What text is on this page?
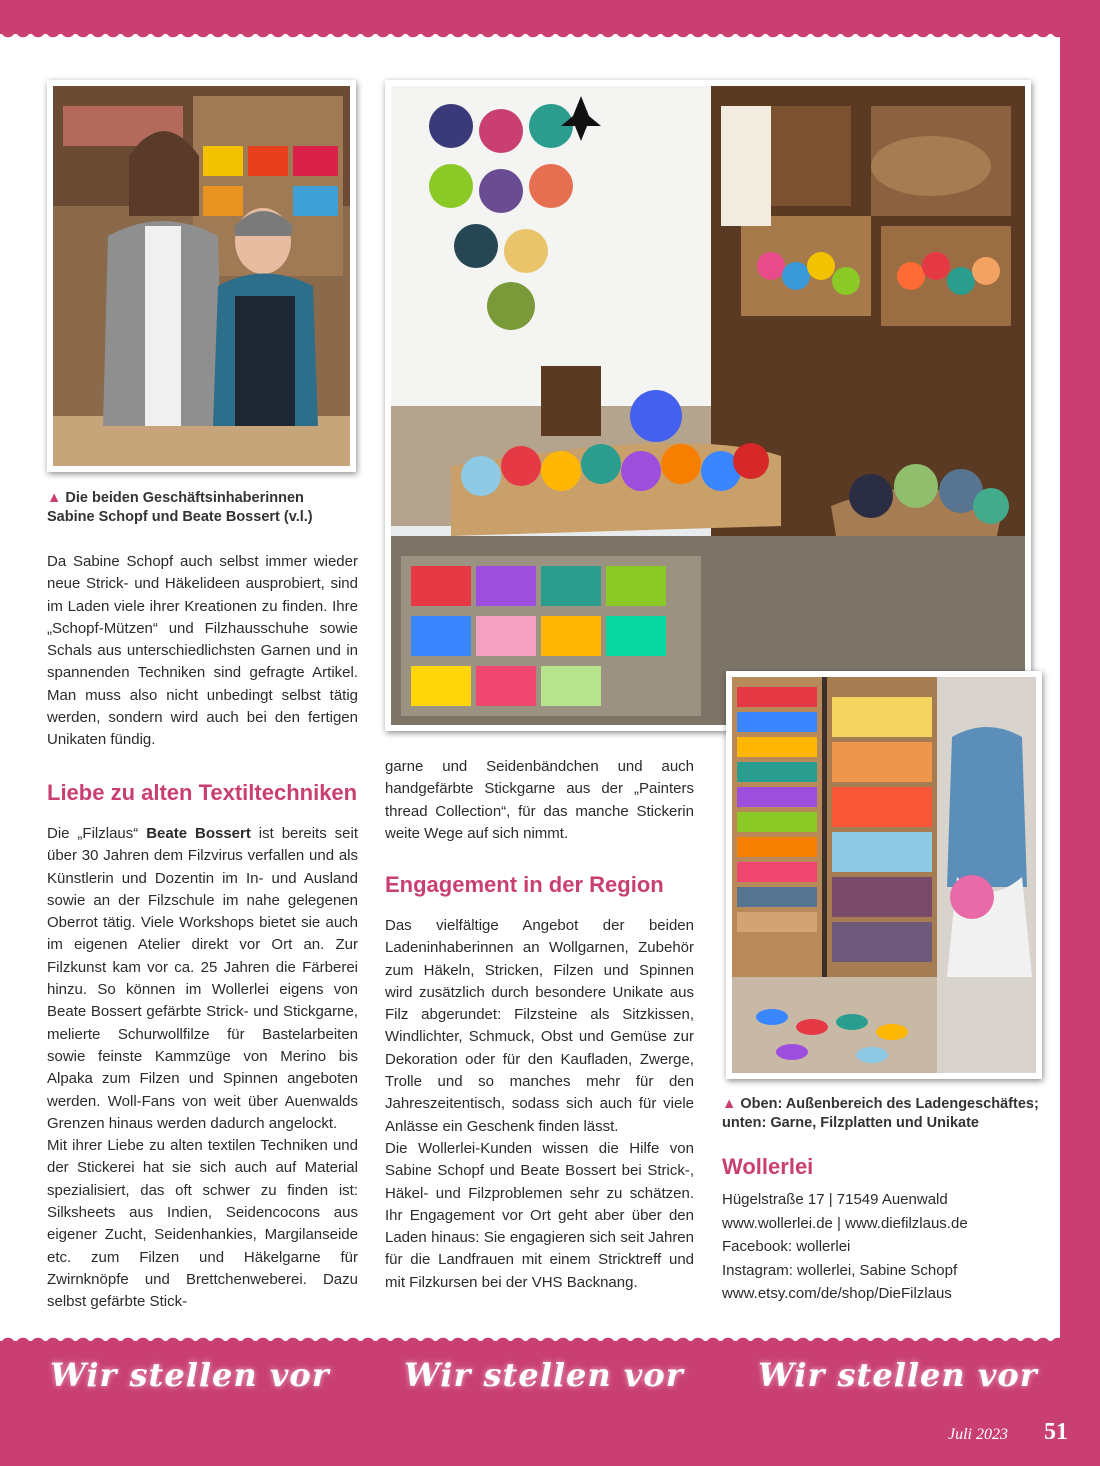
▲ Die beiden Geschäftsinhaberinnen
Sabine Schopf und Beate Bossert (v.l.)
▲ Oben: Außenbereich des Ladengeschäftes;
unten: Garne, Filzplatten und Unikate

Da Sabine Schopf auch selbst immer wieder neue Strick- und Häkelideen ausprobiert, sind im Laden viele ihrer Kreationen zu finden. Ihre „Schopf-Mützen“ und Filzhausschuhe sowie Schals aus unterschiedlichsten Garnen und in spannenden Techniken sind gefragte Artikel. Man muss also nicht unbedingt selbst tätig werden, sondern wird auch bei den fertigen Unikaten fündig.

Liebe zu alten Textiltechniken

Die „Filzlaus“ Beate Bossert ist bereits seit über 30 Jahren dem Filzvirus verfallen und als Künstlerin und Dozentin im In- und Ausland sowie an der Filzschule im nahe gelegenen Oberrot tätig. Viele Workshops bietet sie auch im eigenen Atelier direkt vor Ort an. Zur Filzkunst kam vor ca. 25 Jahren die Färberei hinzu. So können im Wollerlei eigens von Beate Bossert gefärbte Strick- und Stickgarne, melierte Schurwollfilze für Bastelarbeiten sowie feinste Kammzüge von Merino bis Alpaka zum Filzen und Spinnen angeboten werden. Woll-Fans von weit über Auenwalds Grenzen hinaus werden dadurch angelockt.

Mit ihrer Liebe zu alten textilen Techniken und der Stickerei hat sie sich auch auf Material spezialisiert, das oft schwer zu finden ist: Silksheets aus Indien, Seidencocons aus eigener Zucht, Seidenhankies, Margilanseide etc. zum Filzen und Häkelgarne für Zwirnknöpfe und Brettchenweberei. Dazu selbst gefärbte Stick-

garne und Seidenbändchen und auch handgefärbte Stickgarne aus der „Painters thread Collection“, für das manche Stickerin weite Wege auf sich nimmt.

Engagement in der Region

Das vielfältige Angebot der beiden Ladeninhaberinnen an Wollgarnen, Zubehör zum Häkeln, Stricken, Filzen und Spinnen wird zusätzlich durch besondere Unikate aus Filz abgerundet: Filzsteine als Sitzkissen, Windlichter, Schmuck, Obst und Gemüse zur Dekoration oder für den Kaufladen, Zwerge, Trolle und so manches mehr für den Jahreszeitentisch, sodass sich auch für viele Anlässe ein Geschenk finden lässt.

Die Wollerlei-Kunden wissen die Hilfe von Sabine Schopf und Beate Bossert bei Strick-, Häkel- und Filzproblemen sehr zu schätzen. Ihr Engagement vor Ort geht aber über den Laden hinaus: Sie engagieren sich seit Jahren für die Landfrauen mit einem Stricktreff und mit Filzkursen bei der VHS Backnang.

Wollerlei
Hügelstraße 17 | 71549 Auenwald
www.wollerlei.de | www.diefilzlaus.de
Facebook: wollerlei
Instagram: wollerlei, Sabine Schopf
www.etsy.com/de/shop/DieFilzlaus
Wir stellen vor Wir stellen vor Wir stellen vor
Juli 2023 51
